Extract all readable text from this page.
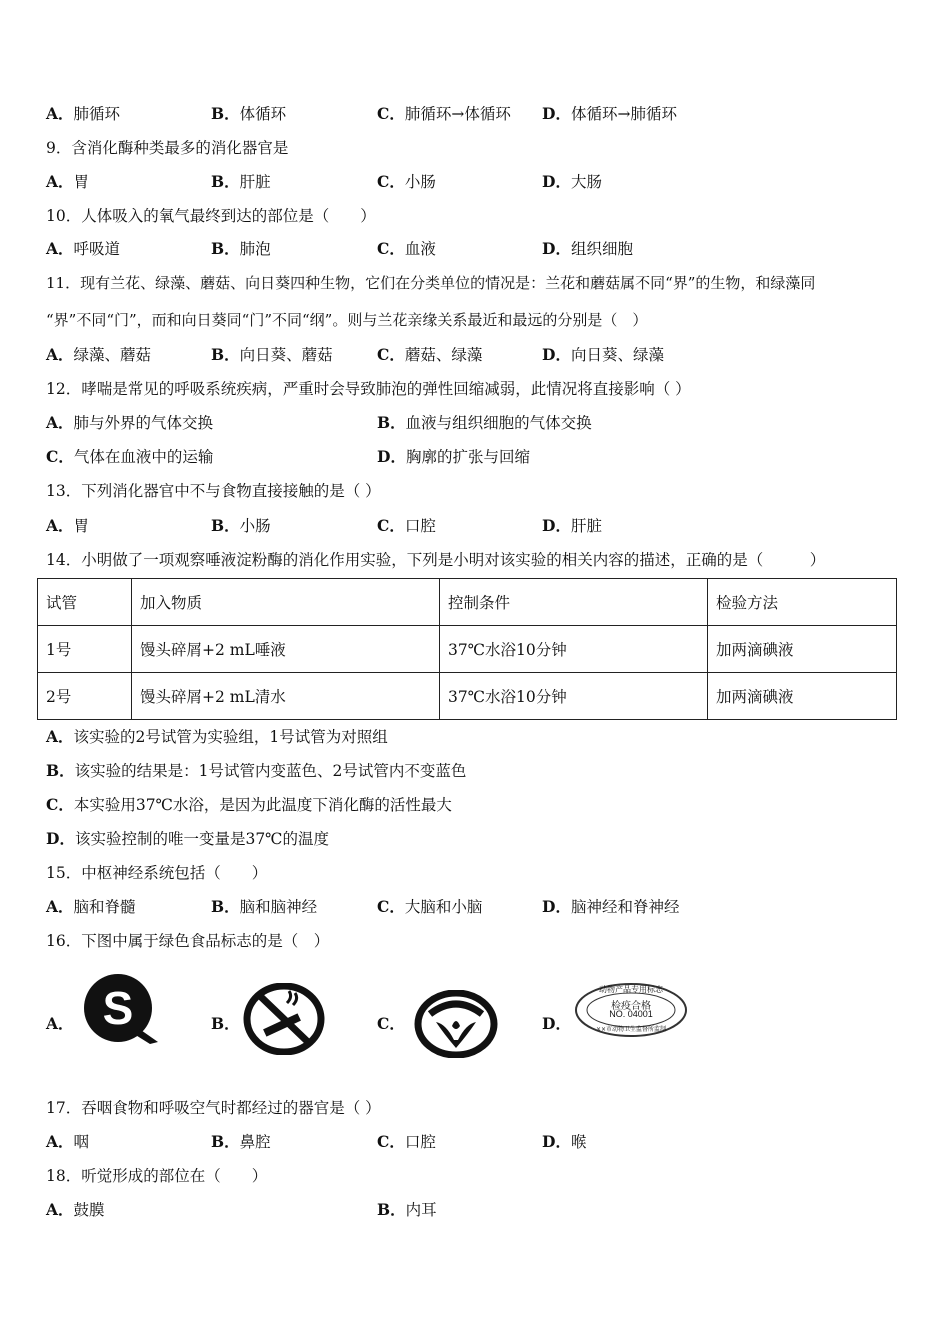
A．肺循环	B．体循环	C．肺循环→体循环 D．体循环→肺循环
9．含消化酶种类最多的消化器官是
A．胃	B．肝脏	C．小肠	D．大肠
10．人体吸入的氧气最终到达的部位是（　　）
A．呼吸道	B．肺泡	C．血液	D．组织细胞
11．现有兰花、绿藻、蘑菇、向日葵四种生物，它们在分类单位的情况是：兰花和蘑菇属不同“界”的生物，和绿藻同
“界”不同“门”，而和向日葵同“门”不同“纲”。则与兰花亲缘关系最近和最远的分别是（　）
A．绿藻、蘑菇	B．向日葵、蘑菇	C．蘑菇、绿藻	D．向日葵、绿藻
12．哮喘是常见的呼吸系统疾病，严重时会导致肺泡的弹性回缩减弱，此情况将直接影响（ ）
A．肺与外界的气体交换	B．血液与组织细胞的气体交换
C．气体在血液中的运输	D．胸廓的扩张与回缩
13．下列消化器官中不与食物直接接触的是（ ）
A．胃	B．小肠	C．口腔	D．肝脏
14．小明做了一项观察唾液淀粉酶的消化作用实验，下列是小明对该实验的相关内容的描述，正确的是（　　　）
试管	加入物质	控制条件	检验方法
1号	馒头碎屑+2 mL唾液	37℃水浴10分钟	加两滴碘液
2号	馒头碎屑+2 mL清水	37℃水浴10分钟	加两滴碘液
A．该实验的2号试管为实验组，1号试管为对照组
B．该实验的结果是：1号试管内变蓝色、2号试管内不变蓝色
C．本实验用37℃水浴，是因为此温度下消化酶的活性最大
D．该实验控制的唯一变量是37℃的温度
15．中枢神经系统包括（　　）
A．脑和脊髓	B．脑和脑神经	C．大脑和小脑	D．脑神经和脊神经
16．下图中属于绿色食品标志的是（　）
A．	B．	C．	D．
S	动物产品专用标志
检疫合格
NO. 04001
××市动物卫生监督所监制
17．吞咽食物和呼吸空气时都经过的器官是（ ）
A．咽	B．鼻腔	C．口腔	D．喉
18．听觉形成的部位在（　　）
A．鼓膜	B．内耳
